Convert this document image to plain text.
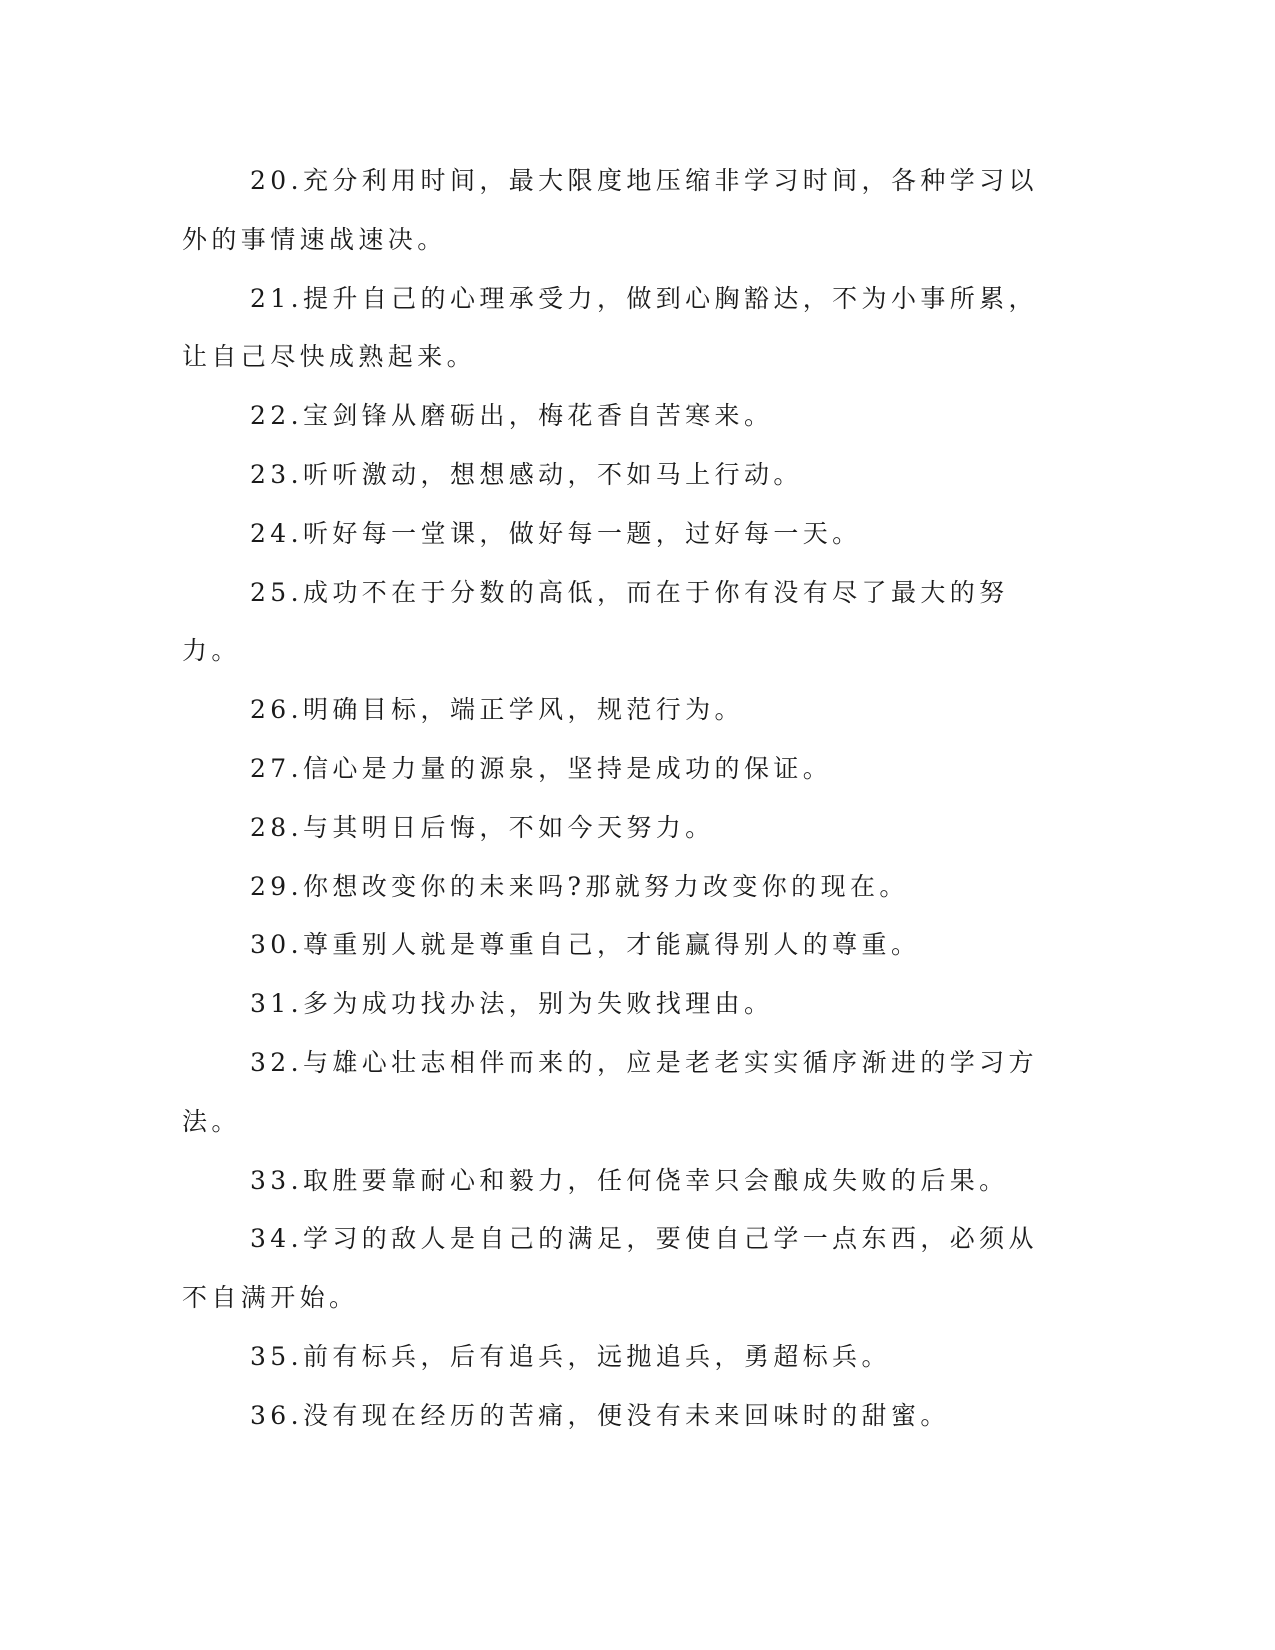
20.充分利用时间，最大限度地压缩非学习时间，各种学习以外的事情速战速决。

21.提升自己的心理承受力，做到心胸豁达，不为小事所累，让自己尽快成熟起来。

22.宝剑锋从磨砺出，梅花香自苦寒来。

23.听听激动，想想感动，不如马上行动。

24.听好每一堂课，做好每一题，过好每一天。

25.成功不在于分数的高低，而在于你有没有尽了最大的努力。

26.明确目标，端正学风，规范行为。

27.信心是力量的源泉，坚持是成功的保证。

28.与其明日后悔，不如今天努力。

29.你想改变你的未来吗?那就努力改变你的现在。

30.尊重别人就是尊重自己，才能赢得别人的尊重。

31.多为成功找办法，别为失败找理由。

32.与雄心壮志相伴而来的，应是老老实实循序渐进的学习方法。

33.取胜要靠耐心和毅力，任何侥幸只会酿成失败的后果。

34.学习的敌人是自己的满足，要使自己学一点东西，必须从不自满开始。

35.前有标兵，后有追兵，远抛追兵，勇超标兵。

36.没有现在经历的苦痛，便没有未来回味时的甜蜜。
